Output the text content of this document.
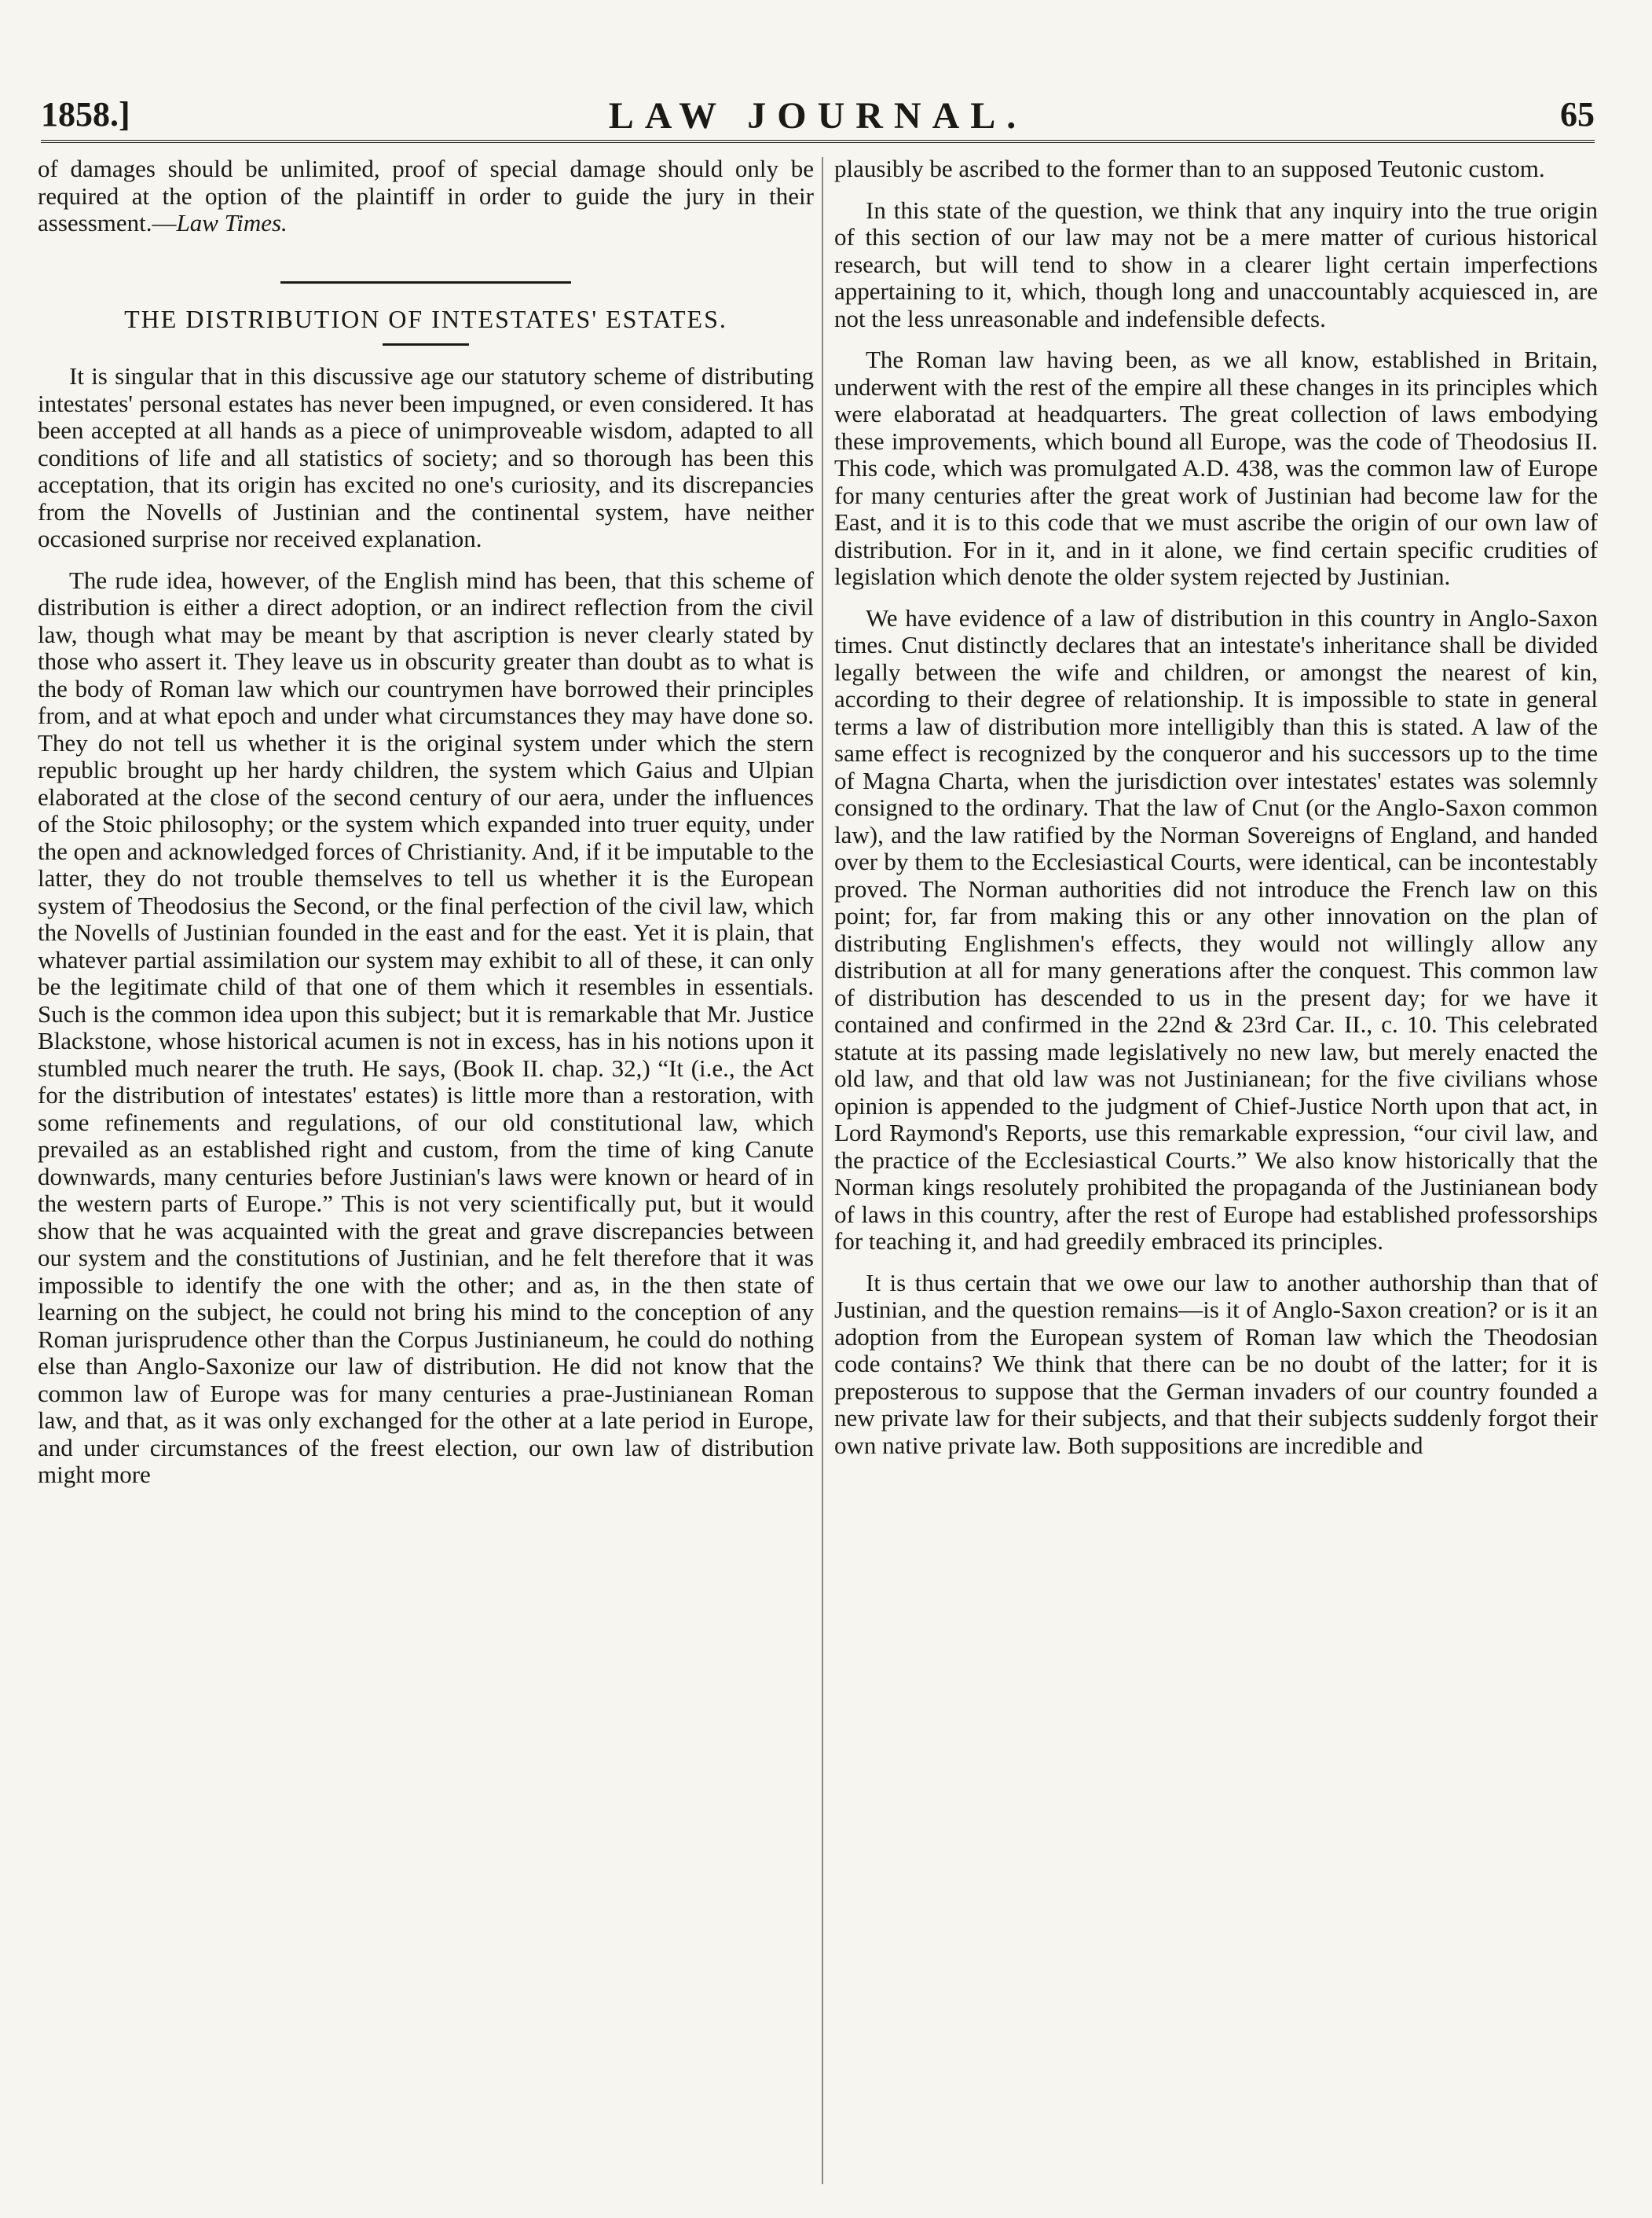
1858.]	LAW JOURNAL.	65

of damages should be unlimited, proof of special damage should only be required at the option of the plaintiff in order to guide the jury in their assessment.—Law Times.

THE DISTRIBUTION OF INTESTATES' ESTATES.

It is singular that in this discussive age our statutory scheme of distributing intestates' personal estates has never been impugned, or even considered. It has been accepted at all hands as a piece of unimproveable wisdom, adapted to all conditions of life and all statistics of society; and so thorough has been this acceptation, that its origin has excited no one's curiosity, and its discrepancies from the Novells of Justinian and the continental system, have neither occasioned surprise nor received explanation.

The rude idea, however, of the English mind has been, that this scheme of distribution is either a direct adoption, or an indirect reflection from the civil law, though what may be meant by that ascription is never clearly stated by those who assert it. They leave us in obscurity greater than doubt as to what is the body of Roman law which our countrymen have borrowed their principles from, and at what epoch and under what circumstances they may have done so. They do not tell us whether it is the original system under which the stern republic brought up her hardy children, the system which Gaius and Ulpian elaborated at the close of the second century of our aera, under the influences of the Stoic philosophy; or the system which expanded into truer equity, under the open and acknowledged forces of Christianity. And, if it be imputable to the latter, they do not trouble themselves to tell us whether it is the European system of Theodosius the Second, or the final perfection of the civil law, which the Novells of Justinian founded in the east and for the east. Yet it is plain, that whatever partial assimilation our system may exhibit to all of these, it can only be the legitimate child of that one of them which it resembles in essentials. Such is the common idea upon this subject; but it is remarkable that Mr. Justice Blackstone, whose historical acumen is not in excess, has in his notions upon it stumbled much nearer the truth. He says, (Book II. chap. 32,) “It (i.e., the Act for the distribution of intestates' estates) is little more than a restoration, with some refinements and regulations, of our old constitutional law, which prevailed as an established right and custom, from the time of king Canute downwards, many centuries before Justinian's laws were known or heard of in the western parts of Europe.” This is not very scientifically put, but it would show that he was acquainted with the great and grave discrepancies between our system and the constitutions of Justinian, and he felt therefore that it was impossible to identify the one with the other; and as, in the then state of learning on the subject, he could not bring his mind to the conception of any Roman jurisprudence other than the Corpus Justinianeum, he could do nothing else than Anglo-Saxonize our law of distribution. He did not know that the common law of Europe was for many centuries a prae-Justinianean Roman law, and that, as it was only exchanged for the other at a late period in Europe, and under circumstances of the freest election, our own law of distribution might more

plausibly be ascribed to the former than to an supposed Teutonic custom.

In this state of the question, we think that any inquiry into the true origin of this section of our law may not be a mere matter of curious historical research, but will tend to show in a clearer light certain imperfections appertaining to it, which, though long and unaccountably acquiesced in, are not the less unreasonable and indefensible defects.

The Roman law having been, as we all know, established in Britain, underwent with the rest of the empire all these changes in its principles which were elaboratad at headquarters. The great collection of laws embodying these improvements, which bound all Europe, was the code of Theodosius II. This code, which was promulgated A.D. 438, was the common law of Europe for many centuries after the great work of Justinian had become law for the East, and it is to this code that we must ascribe the origin of our own law of distribution. For in it, and in it alone, we find certain specific crudities of legislation which denote the older system rejected by Justinian.

We have evidence of a law of distribution in this country in Anglo-Saxon times. Cnut distinctly declares that an intestate's inheritance shall be divided legally between the wife and children, or amongst the nearest of kin, according to their degree of relationship. It is impossible to state in general terms a law of distribution more intelligibly than this is stated. A law of the same effect is recognized by the conqueror and his successors up to the time of Magna Charta, when the jurisdiction over intestates' estates was solemnly consigned to the ordinary. That the law of Cnut (or the Anglo-Saxon common law), and the law ratified by the Norman Sovereigns of England, and handed over by them to the Ecclesiastical Courts, were identical, can be incontestably proved. The Norman authorities did not introduce the French law on this point; for, far from making this or any other innovation on the plan of distributing Englishmen's effects, they would not willingly allow any distribution at all for many generations after the conquest. This common law of distribution has descended to us in the present day; for we have it contained and confirmed in the 22nd & 23rd Car. II., c. 10. This celebrated statute at its passing made legislatively no new law, but merely enacted the old law, and that old law was not Justinianean; for the five civilians whose opinion is appended to the judgment of Chief-Justice North upon that act, in Lord Raymond's Reports, use this remarkable expression, “our civil law, and the practice of the Ecclesiastical Courts.” We also know historically that the Norman kings resolutely prohibited the propaganda of the Justinianean body of laws in this country, after the rest of Europe had established professorships for teaching it, and had greedily embraced its principles.

It is thus certain that we owe our law to another authorship than that of Justinian, and the question remains—is it of Anglo-Saxon creation? or is it an adoption from the European system of Roman law which the Theodosian code contains? We think that there can be no doubt of the latter; for it is preposterous to suppose that the German invaders of our country founded a new private law for their subjects, and that their subjects suddenly forgot their own native private law. Both suppositions are incredible and
